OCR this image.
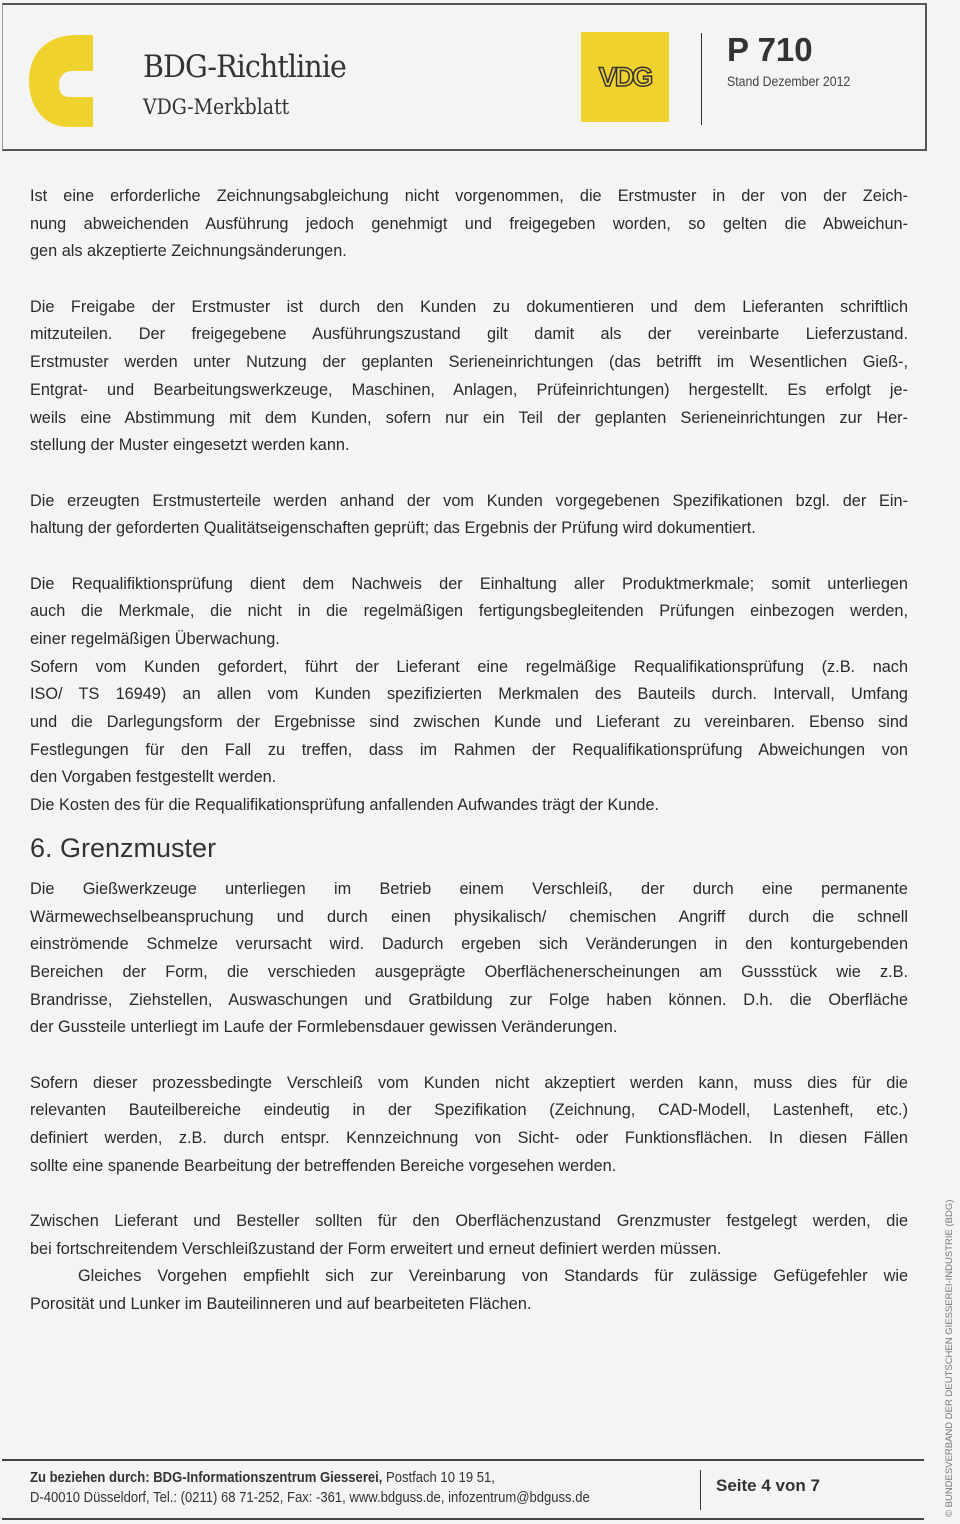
BDG-Richtlinie
VDG-Merkblatt
VDG
P 710
Stand Dezember 2012
Ist eine erforderliche Zeichnungsabgleichung nicht vorgenommen, die Erstmuster in der von der Zeich-
nung abweichenden Ausführung jedoch genehmigt und freigegeben worden, so gelten die Abweichun-
gen als akzeptierte Zeichnungsänderungen.
Die Freigabe der Erstmuster ist durch den Kunden zu dokumentieren und dem Lieferanten schriftlich
mitzuteilen. Der freigegebene Ausführungszustand gilt damit als der vereinbarte Lieferzustand.
Erstmuster werden unter Nutzung der geplanten Serieneinrichtungen (das betrifft im Wesentlichen Gieß-,
Entgrat- und Bearbeitungswerkzeuge, Maschinen, Anlagen, Prüfeinrichtungen) hergestellt. Es erfolgt je-
weils eine Abstimmung mit dem Kunden, sofern nur ein Teil der geplanten Serieneinrichtungen zur Her-
stellung der Muster eingesetzt werden kann.
Die erzeugten Erstmusterteile werden anhand der vom Kunden vorgegebenen Spezifikationen bzgl. der Ein-
haltung der geforderten Qualitätseigenschaften geprüft; das Ergebnis der Prüfung wird dokumentiert.
Die Requalifiktionsprüfung dient dem Nachweis der Einhaltung aller Produktmerkmale; somit unterliegen
auch die Merkmale, die nicht in die regelmäßigen fertigungsbegleitenden Prüfungen einbezogen werden,
einer regelmäßigen Überwachung.
Sofern vom Kunden gefordert, führt der Lieferant eine regelmäßige Requalifikationsprüfung (z.B. nach
ISO/ TS 16949) an allen vom Kunden spezifizierten Merkmalen des Bauteils durch. Intervall, Umfang
und die Darlegungsform der Ergebnisse sind zwischen Kunde und Lieferant zu vereinbaren. Ebenso sind
Festlegungen für den Fall zu treffen, dass im Rahmen der Requalifikationsprüfung Abweichungen von
den Vorgaben festgestellt werden.
Die Kosten des für die Requalifikationsprüfung anfallenden Aufwandes trägt der Kunde.
6. Grenzmuster
Die Gießwerkzeuge unterliegen im Betrieb einem Verschleiß, der durch eine permanente
Wärmewechselbeanspruchung und durch einen physikalisch/ chemischen Angriff durch die schnell
einströmende Schmelze verursacht wird. Dadurch ergeben sich Veränderungen in den konturgebenden
Bereichen der Form, die verschieden ausgeprägte Oberflächenerscheinungen am Gussstück wie z.B.
Brandrisse, Ziehstellen, Auswaschungen und Gratbildung zur Folge haben können. D.h. die Oberfläche
der Gussteile unterliegt im Laufe der Formlebensdauer gewissen Veränderungen.
Sofern dieser prozessbedingte Verschleiß vom Kunden nicht akzeptiert werden kann, muss dies für die
relevanten Bauteilbereiche eindeutig in der Spezifikation (Zeichnung, CAD-Modell, Lastenheft, etc.)
definiert werden, z.B. durch entspr. Kennzeichnung von Sicht- oder Funktionsflächen. In diesen Fällen
sollte eine spanende Bearbeitung der betreffenden Bereiche vorgesehen werden.
Zwischen Lieferant und Besteller sollten für den Oberflächenzustand Grenzmuster festgelegt werden, die
bei fortschreitendem Verschleißzustand der Form erweitert und erneut definiert werden müssen.
Gleiches Vorgehen empfiehlt sich zur Vereinbarung von Standards für zulässige Gefügefehler wie
Porosität und Lunker im Bauteilinneren und auf bearbeiteten Flächen.	© BUNDESVERBAND DER DEUTSCHEN GIESSEREI-INDUSTRIE (BDG)
Zu beziehen durch: BDG-Informationszentrum Giesserei, Postfach 10 19 51,
D-40010 Düsseldorf, Tel.: (0211) 68 71-252, Fax: -361, www.bdguss.de, infozentrum@bdguss.de
Seite 4 von 7
